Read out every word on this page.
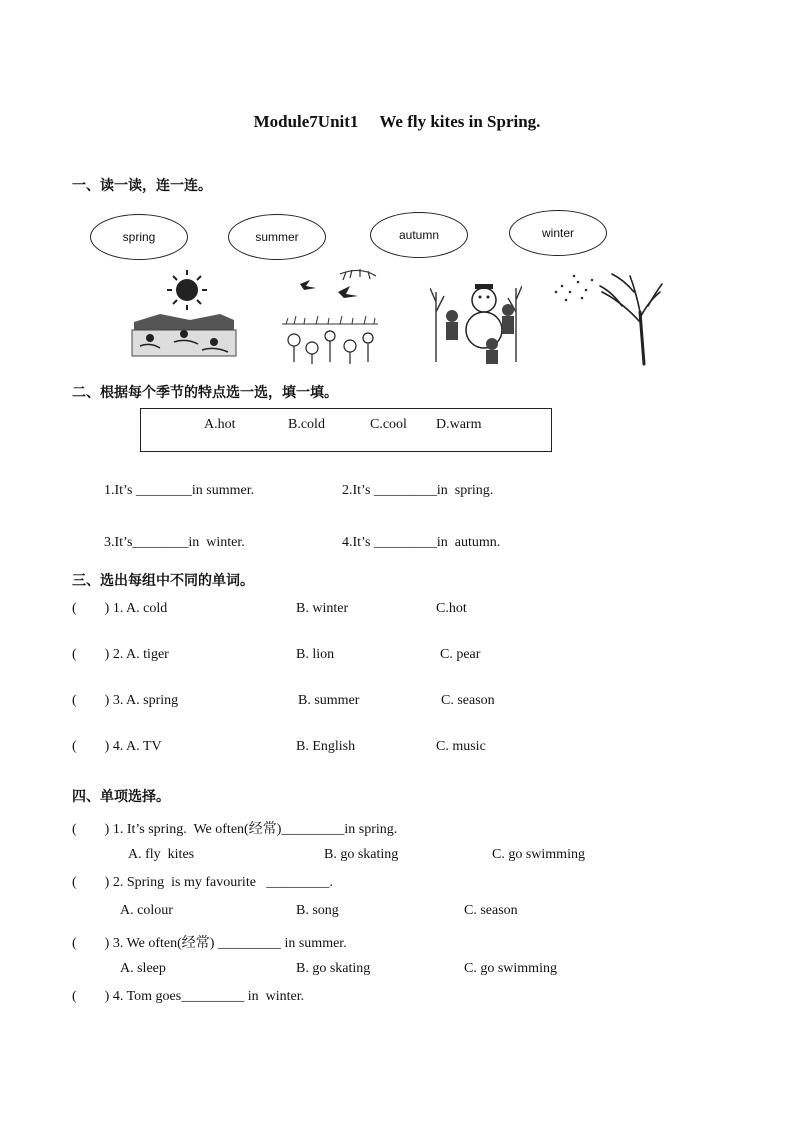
Module7Unit1     We fly kites in Spring.
一、读一读，连一连。
spring	summer	autumn	winter
二、根据每个季节的特点选一选，填一填。
A.hot	B.cold	C.cool D.warm
1.It’s ________in summer.	2.It’s _________in  spring.
3.It’s________in  winter.	4.It’s _________in  autumn.
三、选出每组中不同的单词。
(        ) 1. A. cold	B. winter	C.hot
(        ) 2. A. tiger	B. lion	C. pear
(        ) 3. A. spring	B. summer	C. season
(        ) 4. A. TV	B. English	C. music
四、单项选择。
(        ) 1. It’s spring.  We often(经常)_________in spring.
A. fly  kites	B. go skating	C. go swimming
(        ) 2. Spring  is my favourite   _________.
A. colour	B. song	C. season
(        ) 3. We often(经常) _________ in summer.
A. sleep	B. go skating	C. go swimming
(        ) 4. Tom goes_________ in  winter.
